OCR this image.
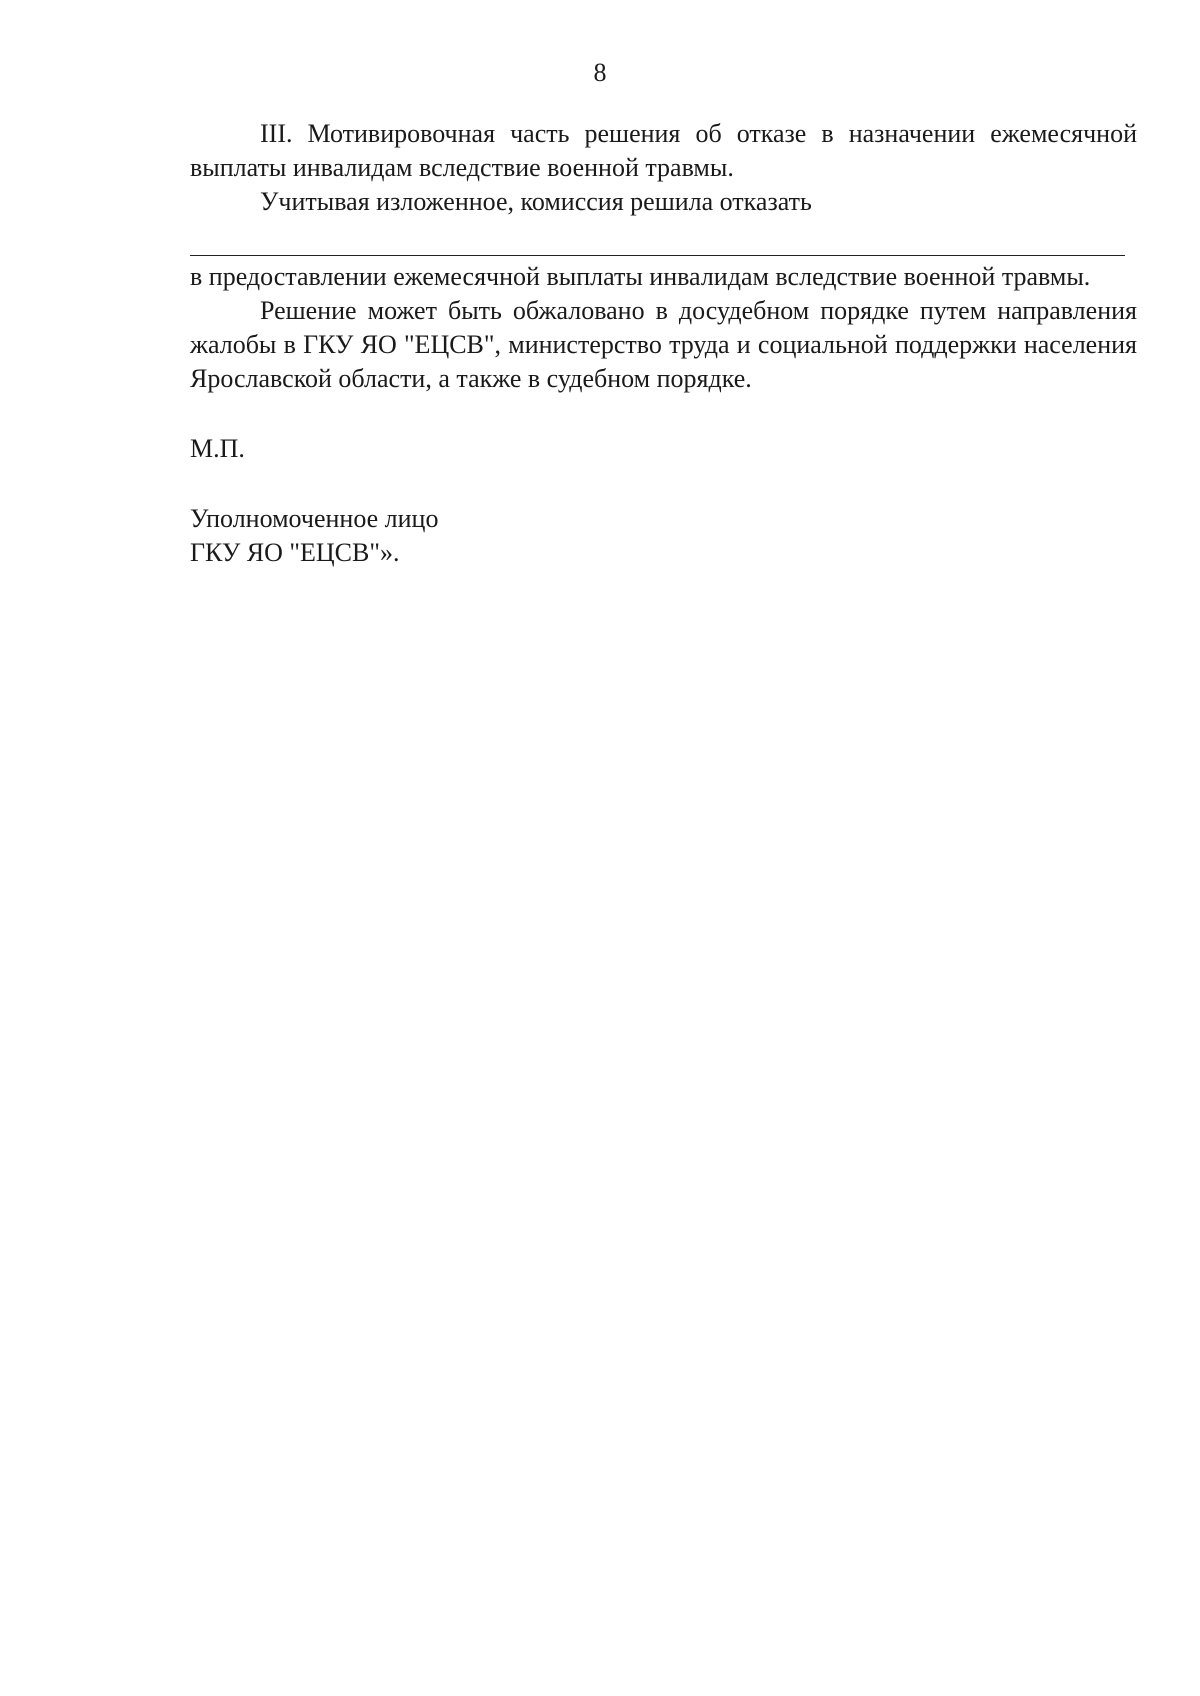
8

III. Мотивировочная часть решения об отказе в назначении ежемесячной выплаты инвалидам вследствие военной травмы.

Учитывая изложенное, комиссия решила отказать

в предоставлении ежемесячной выплаты инвалидам вследствие военной травмы.

Решение может быть обжаловано в досудебном порядке путем направления жалобы в ГКУ ЯО "ЕЦСВ", министерство труда и социальной поддержки населения Ярославской области, а также в судебном порядке.

М.П.

Уполномоченное лицо

ГКУ ЯО "ЕЦСВ"».
